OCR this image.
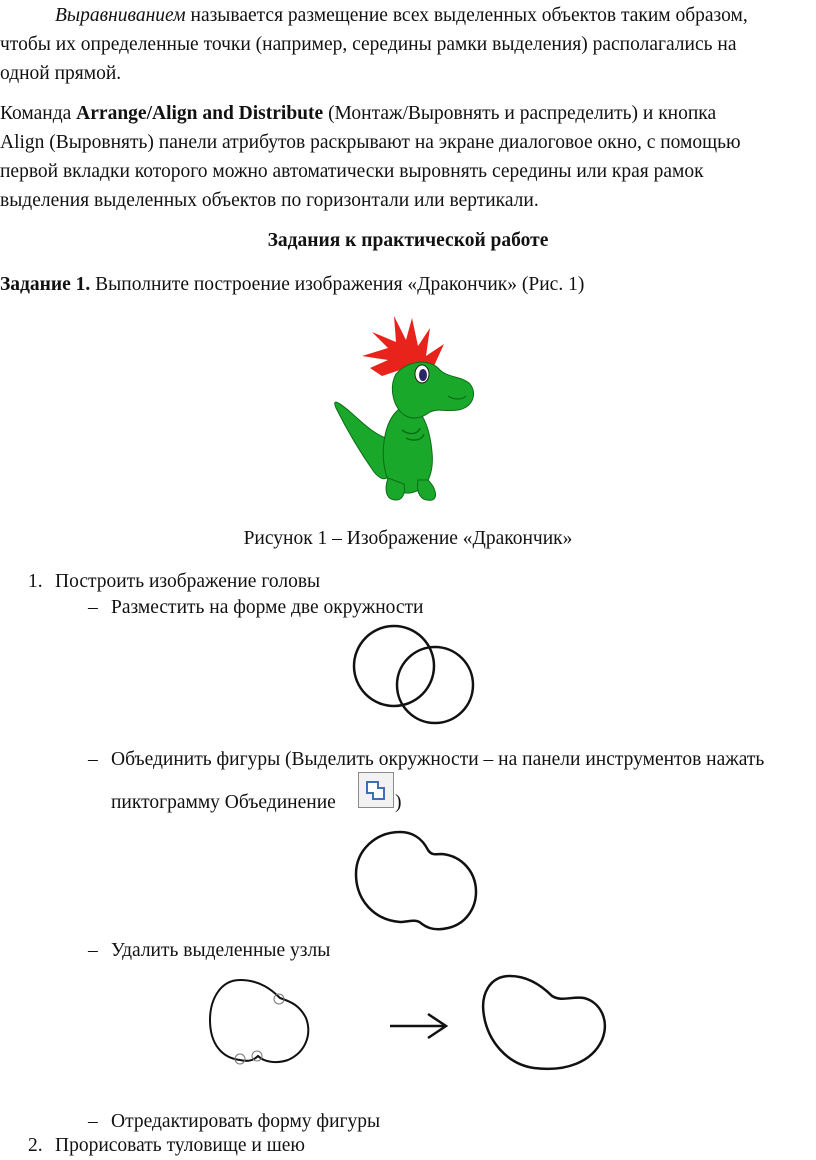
Выравниванием называется размещение всех выделенных объектов таким образом,
чтобы их определенные точки (например, середины рамки выделения) располагались на
одной прямой.
Команда Arrange/Align and Distribute (Монтаж/Выровнять и распределить) и кнопка
Align (Выровнять) панели атрибутов раскрывают на экране диалоговое окно, с помощью
первой вкладки которого можно автоматически выровнять середины или края рамок
выделения выделенных объектов по горизонтали или вертикали.
Задания к практической работе
Задание 1. Выполните построение изображения «Дракончик» (Рис. 1)
Рисунок 1 – Изображение «Дракончик»
1. Построить изображение головы
– Разместить на форме две окружности
– Объединить фигуры (Выделить окружности – на панели инструментов нажать
пиктограмму Объединение	)
– Удалить выделенные узлы
– Отредактировать форму фигуры
2. Прорисовать туловище и шею
